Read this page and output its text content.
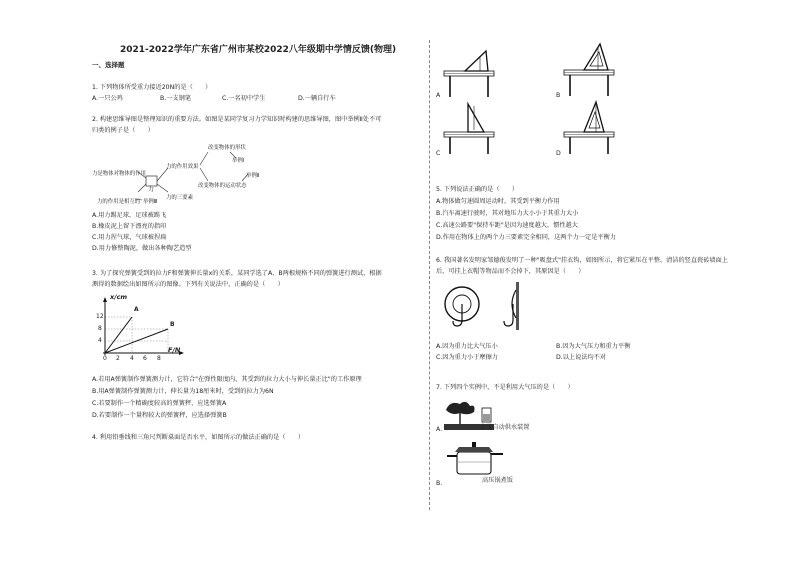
2021-2022学年广东省广州市某校2022八年级期中学情反馈(物理)
一、选择题
1. 下列物体所受重力接近20N的是（　　）
A.一只公鸡	B.一支钢笔	C.一名初中学生	D.一辆自行车
2. 构建思维导图是整理知识的重要方法。如图是某同学复习力学知识时构建的思维导图，图中举例Ⅱ处不可
归类的例子是（　　）
力
改变物体的形状
举例Ⅰ
力的作用效果
举例Ⅱ
改变物体的运动状态
力是物体对物体的作用
力的三要素
力的作用是相互的 举例Ⅲ
A.用力踢足球，足球被踢飞
B.橡皮泥上留下漂亮的指印
C.用力捏气球，气球被捏扁
D.用力修整陶泥，做出各种陶艺造型
3. 为了探究弹簧受到的拉力F和弹簧伸长量x的关系，某同学选了A、B两根规格不同的弹簧进行测试，根据
测得的数据绘出如图所示的图像。下列有关说法中，正确的是（　　）
x/cm
F/N
12
8
4
0 2 4 6 8
A
B
A.若用A弹簧制作弹簧测力计，它符合"在弹性限度内，其受到的拉力大小与伸长量正比"的工作原理
B.用A弹簧制作弹簧测力计，伸长量为18厘米时，受到的拉力为6N
C.若要制作一个精确度较高的弹簧秤，应选弹簧A
D.若要制作一个量程较大的弹簧秤，应选择弹簧B
4. 利用铅垂线和三角尺判断桌面是否水平，如图所示的做法正确的是（　　）
A	B
C	D
5. 下列说法正确的是（　　）
A.物体做匀速圆周运动时，其受到平衡力作用
B.汽车离速行驶时，其对地压力大小小于其重力大小
C.高速公路要"保持车距"是因为速度越大，惯性越大
D.作用在物体上的两个力三要素完全相同，这两个力一定是平衡力
6. 我国著名发明家邹德俊发明了一种"吸盘式"挂衣钩，如图所示，将它紧压在平整、清洁的竖直瓷砖墙面上
后，可挂上衣帽等物品而不会掉下，其原因是（　　）
A.因为重力比大气压小	B.因为大气压力和重力平衡
C.因为重力小于摩擦力	D.以上说法均不对
7. 下列四个实例中，不是利用大气压的是（　　）
A.	盆景自动供水装置
B.	高压锅煮饭
